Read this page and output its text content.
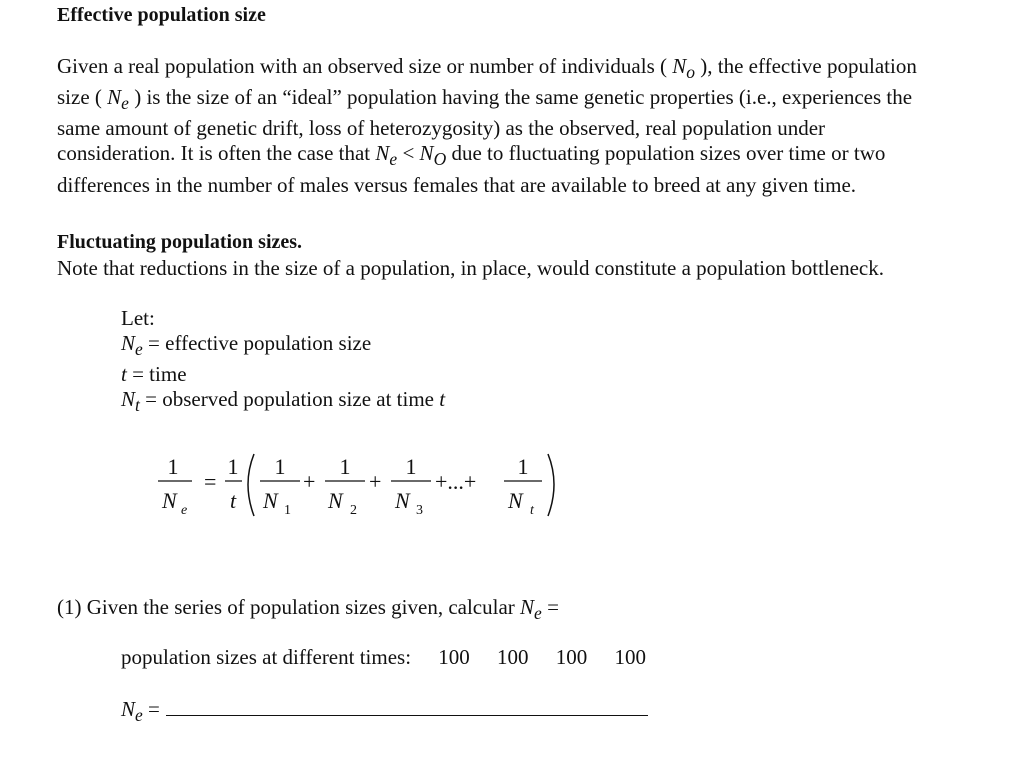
Effective population size
Given a real population with an observed size or number of individuals ( $N_o$ ), the effective population
size ( $N_e$ ) is the size of an “ideal” population having the same genetic properties (i.e., experiences the
same amount of genetic drift, loss of heterozygosity) as the observed, real population under
consideration. It is often the case that $N_e < N_O$ due to fluctuating population sizes over time or two
differences in the number of males versus females that are available to breed at any given time.
Fluctuating population sizes.
Note that reductions in the size of a population, in place, would constitute a population bottleneck.
Let:
$N_e$ = effective population size
t = time
$N_t$ = observed population size at time t
1
N e
=
1
t
1
N 1
+
1
N 2
+
1
N 3
+...+
1
N t
(1) Given the series of population sizes given, calcular $N_e$ =
population sizes at different times: 100 100 100 100
$N_e$ =
